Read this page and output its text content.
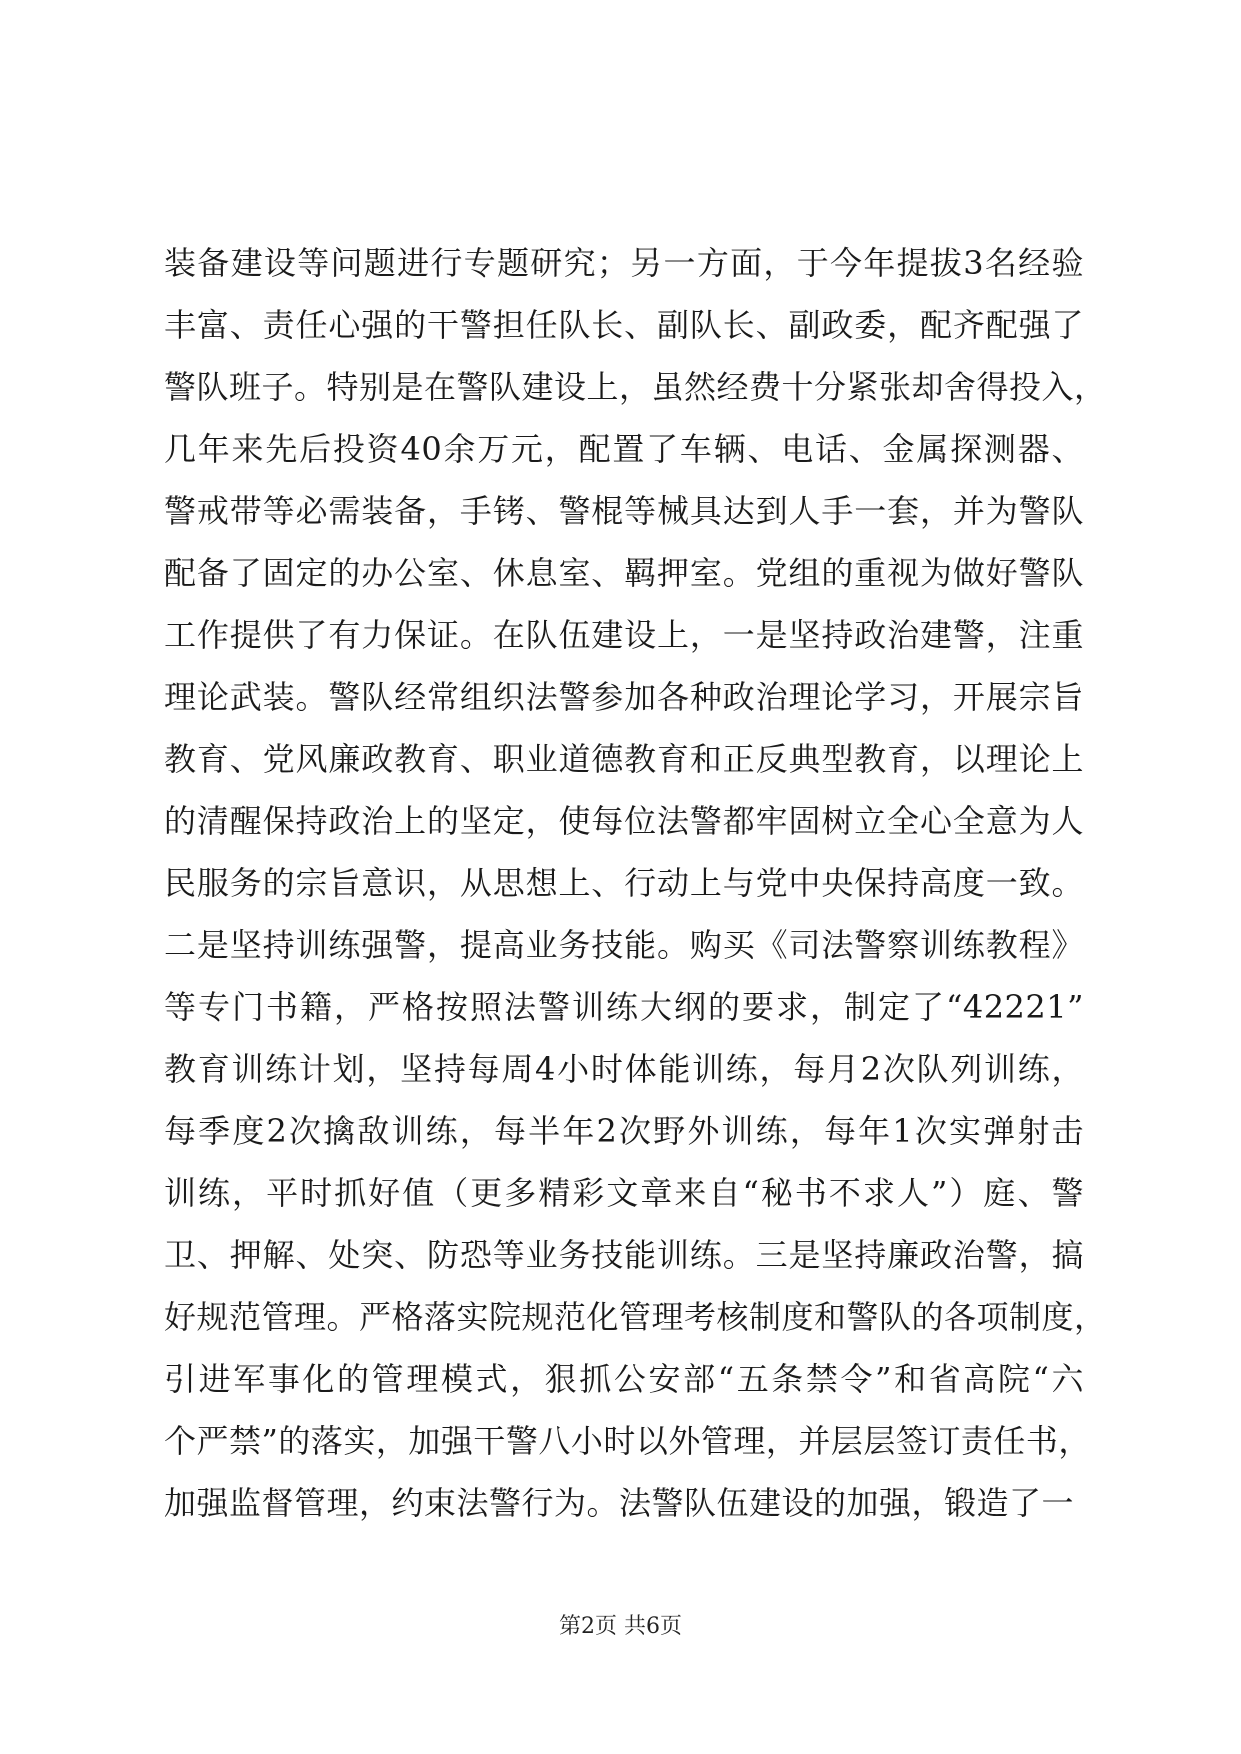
装备建设等问题进行专题研究；另一方面，于今年提拔3名经验
丰富、责任心强的干警担任队长、副队长、副政委，配齐配强了
警队班子。特别是在警队建设上，虽然经费十分紧张却舍得投入，
几年来先后投资40余万元，配置了车辆、电话、金属探测器、
警戒带等必需装备，手铐、警棍等械具达到人手一套，并为警队
配备了固定的办公室、休息室、羁押室。党组的重视为做好警队
工作提供了有力保证。在队伍建设上，一是坚持政治建警，注重
理论武装。警队经常组织法警参加各种政治理论学习，开展宗旨
教育、党风廉政教育、职业道德教育和正反典型教育，以理论上
的清醒保持政治上的坚定，使每位法警都牢固树立全心全意为人
民服务的宗旨意识，从思想上、行动上与党中央保持高度一致。
二是坚持训练强警，提高业务技能。购买《司法警察训练教程》
等专门书籍，严格按照法警训练大纲的要求，制定了“42221”
教育训练计划，坚持每周4小时体能训练，每月2次队列训练，
每季度2次擒敌训练，每半年2次野外训练，每年1次实弹射击
训练，平时抓好值（更多精彩文章来自“秘书不求人”）庭、警
卫、押解、处突、防恐等业务技能训练。三是坚持廉政治警，搞
好规范管理。严格落实院规范化管理考核制度和警队的各项制度，
引进军事化的管理模式，狠抓公安部“五条禁令”和省高院“六
个严禁”的落实，加强干警八小时以外管理，并层层签订责任书，
加强监督管理，约束法警行为。法警队伍建设的加强，锻造了一
第2页 共6页
